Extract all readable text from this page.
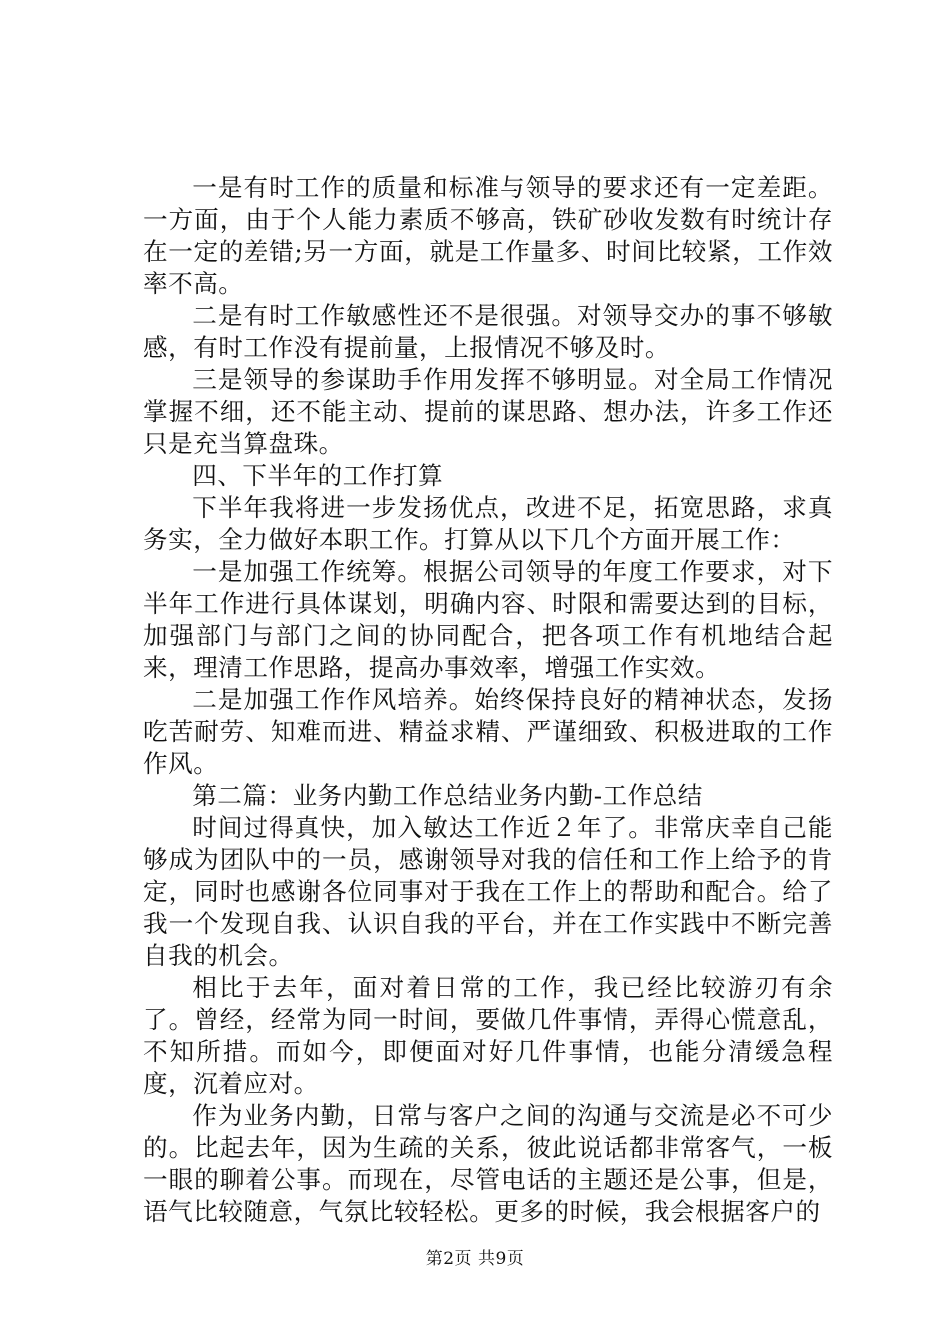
一是有时工作的质量和标准与领导的要求还有一定差距。一方面，由于个人能力素质不够高，铁矿砂收发数有时统计存在一定的差错;另一方面，就是工作量多、时间比较紧，工作效率不高。

二是有时工作敏感性还不是很强。对领导交办的事不够敏感，有时工作没有提前量，上报情况不够及时。

三是领导的参谋助手作用发挥不够明显。对全局工作情况掌握不细，还不能主动、提前的谋思路、想办法，许多工作还只是充当算盘珠。

四、下半年的工作打算

下半年我将进一步发扬优点，改进不足，拓宽思路，求真务实，全力做好本职工作。打算从以下几个方面开展工作：

一是加强工作统筹。根据公司领导的年度工作要求，对下半年工作进行具体谋划，明确内容、时限和需要达到的目标，加强部门与部门之间的协同配合，把各项工作有机地结合起来，理清工作思路，提高办事效率，增强工作实效。

二是加强工作作风培养。始终保持良好的精神状态，发扬吃苦耐劳、知难而进、精益求精、严谨细致、积极进取的工作作风。

第二篇：业务内勤工作总结业务内勤-工作总结

时间过得真快，加入敏达工作近２年了。非常庆幸自己能够成为团队中的一员，感谢领导对我的信任和工作上给予的肯定，同时也感谢各位同事对于我在工作上的帮助和配合。给了我一个发现自我、认识自我的平台，并在工作实践中不断完善自我的机会。

相比于去年，面对着日常的工作，我已经比较游刃有余了。曾经，经常为同一时间，要做几件事情，弄得心慌意乱，不知所措。而如今，即便面对好几件事情，也能分清缓急程度，沉着应对。

作为业务内勤，日常与客户之间的沟通与交流是必不可少的。比起去年，因为生疏的关系，彼此说话都非常客气，一板一眼的聊着公事。而现在，尽管电话的主题还是公事，但是，语气比较随意，气氛比较轻松。更多的时候，我会根据客户的

第2页 共9页
